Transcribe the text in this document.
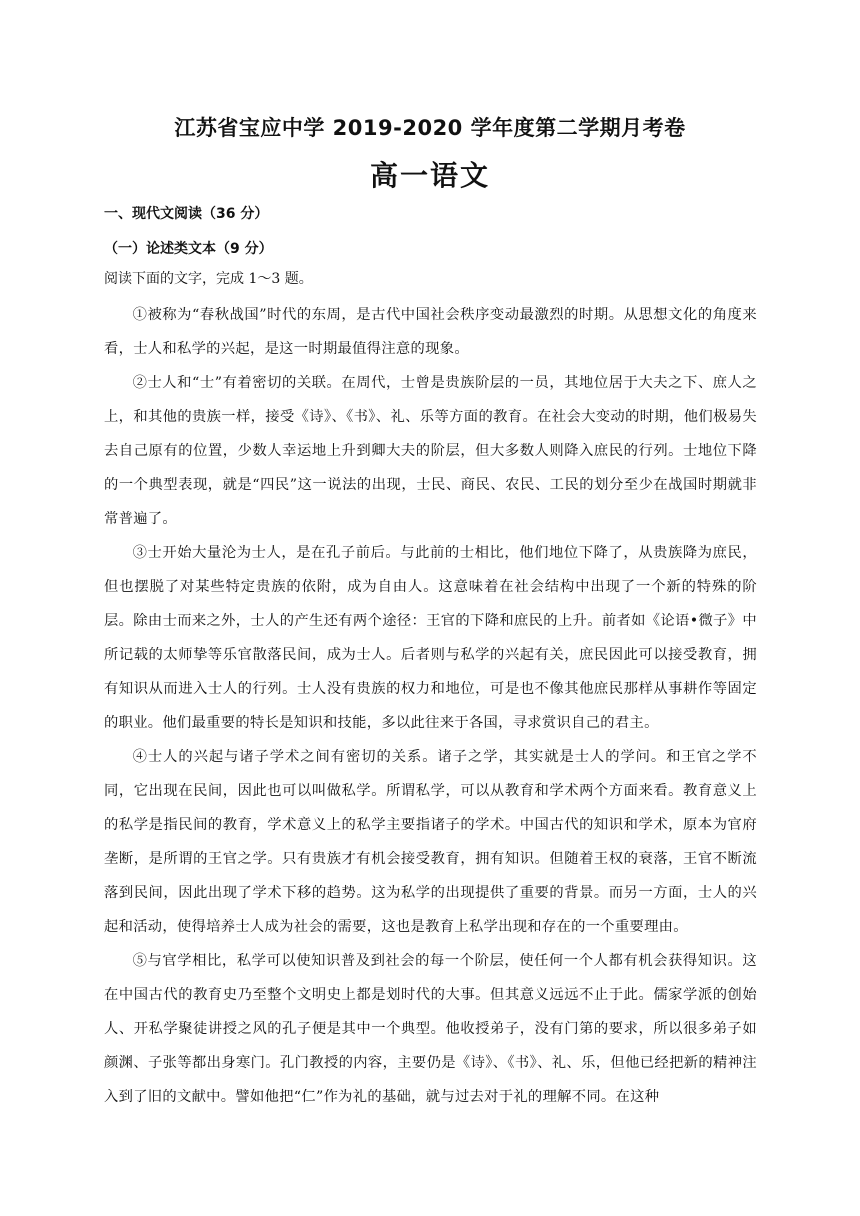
江苏省宝应中学 2019-2020 学年度第二学期月考卷
高一语文
一、现代文阅读（36 分）
（一）论述类文本（9 分）
阅读下面的文字，完成 1～3 题。

①被称为“春秋战国”时代的东周，是古代中国社会秩序变动最激烈的时期。从思想文化的角度来看，士人和私学的兴起，是这一时期最值得注意的现象。

②士人和“士”有着密切的关联。在周代，士曾是贵族阶层的一员，其地位居于大夫之下、庶人之上，和其他的贵族一样，接受《诗》、《书》、礼、乐等方面的教育。在社会大变动的时期，他们极易失去自己原有的位置，少数人幸运地上升到卿大夫的阶层，但大多数人则降入庶民的行列。士地位下降的一个典型表现，就是“四民”这一说法的出现，士民、商民、农民、工民的划分至少在战国时期就非常普遍了。

③士开始大量沦为士人，是在孔子前后。与此前的士相比，他们地位下降了，从贵族降为庶民，但也摆脱了对某些特定贵族的依附，成为自由人。这意味着在社会结构中出现了一个新的特殊的阶层。除由士而来之外，士人的产生还有两个途径：王官的下降和庶民的上升。前者如《论语•微子》中所记载的太师挚等乐官散落民间，成为士人。后者则与私学的兴起有关，庶民因此可以接受教育，拥有知识从而进入士人的行列。士人没有贵族的权力和地位，可是也不像其他庶民那样从事耕作等固定的职业。他们最重要的特长是知识和技能，多以此往来于各国，寻求赏识自己的君主。

④士人的兴起与诸子学术之间有密切的关系。诸子之学，其实就是士人的学问。和王官之学不同，它出现在民间，因此也可以叫做私学。所谓私学，可以从教育和学术两个方面来看。教育意义上的私学是指民间的教育，学术意义上的私学主要指诸子的学术。中国古代的知识和学术，原本为官府垄断，是所谓的王官之学。只有贵族才有机会接受教育，拥有知识。但随着王权的衰落，王官不断流落到民间，因此出现了学术下移的趋势。这为私学的出现提供了重要的背景。而另一方面，士人的兴起和活动，使得培养士人成为社会的需要，这也是教育上私学出现和存在的一个重要理由。

⑤与官学相比，私学可以使知识普及到社会的每一个阶层，使任何一个人都有机会获得知识。这在中国古代的教育史乃至整个文明史上都是划时代的大事。但其意义远远不止于此。儒家学派的创始人、开私学聚徒讲授之风的孔子便是其中一个典型。他收授弟子，没有门第的要求，所以很多弟子如颜渊、子张等都出身寒门。孔门教授的内容，主要仍是《诗》、《书》、礼、乐，但他已经把新的精神注入到了旧的文献中。譬如他把“仁”作为礼的基础，就与过去对于礼的理解不同。在这种
